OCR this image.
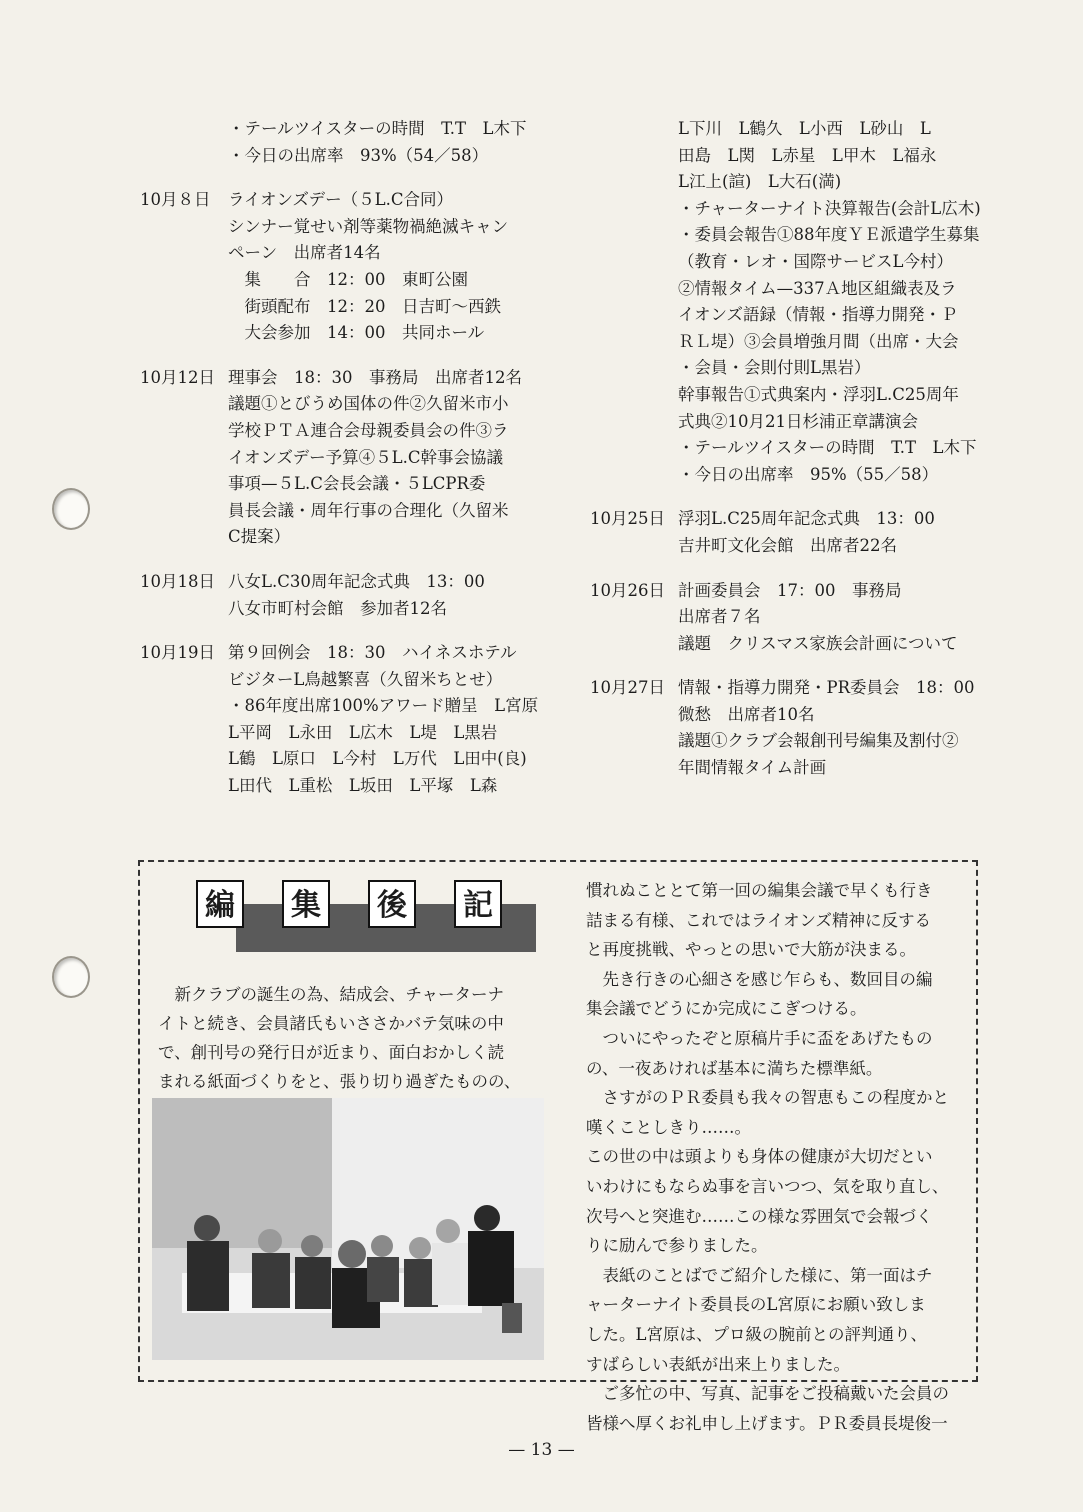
・テールツイスターの時間　T.T　L木下
・今日の出席率　93%（54／58）
10月８日	ライオンズデー（５L.C合同）
シンナー覚せい剤等薬物禍絶滅キャン
ペーン　出席者14名
　集　　合　12：00　東町公園
　街頭配布　12：20　日吉町〜西鉄
　大会参加　14：00　共同ホール
10月12日 理事会　18：30　事務局　出席者12名
議題①とびうめ国体の件②久留米市小
学校ＰＴＡ連合会母親委員会の件③ラ
イオンズデー予算④５L.C幹事会協議
事項—５L.C会長会議・５LCPR委
員長会議・周年行事の合理化（久留米
C提案）
10月18日 八女L.C30周年記念式典　13：00
八女市町村会館　参加者12名
10月19日 第９回例会　18：30　ハイネスホテル
ビジターL鳥越繁喜（久留米ちとせ）
・86年度出席100%アワード贈呈　L宮原
L平岡　L永田　L広木　L堤　L黒岩
L鶴　L原口　L今村　L万代　L田中(良)
L田代　L重松　L坂田　L平塚　L森
L下川　L鶴久　L小西　L砂山　L
田島　L関　L赤星　L甲木　L福永
L江上(諠)　L大石(満)
・チャーターナイト決算報告(会計L広木)
・委員会報告①88年度ＹＥ派遣学生募集
（教育・レオ・国際サービスL今村）
②情報タイム—337Ａ地区組織表及ラ
イオンズ語録（情報・指導力開発・Ｐ
ＲＬ堤）③会員増強月間（出席・大会
・会員・会則付則L黒岩）
幹事報告①式典案内・浮羽L.C25周年
式典②10月21日杉浦正章講演会
・テールツイスターの時間　T.T　L木下
・今日の出席率　95%（55／58）
10月25日 浮羽L.C25周年記念式典　13：00
吉井町文化会館　出席者22名
10月26日 計画委員会　17：00　事務局
出席者７名
議題　クリスマス家族会計画について
10月27日 情報・指導力開発・PR委員会　18：00
微愁　出席者10名
議題①クラブ会報創刊号編集及割付②
年間情報タイム計画
編	集	後	記

　新クラブの誕生の為、結成会、チャーターナ

イトと続き、会員諸氏もいささかバテ気味の中

で、創刊号の発行日が近まり、面白おかしく読

まれる紙面づくりをと、張り切り過ぎたものの、

慣れぬこととて第一回の編集会議で早くも行き

詰まる有様、これではライオンズ精神に反する

と再度挑戦、やっとの思いで大筋が決まる。

　先き行きの心細さを感じ乍らも、数回目の編

集会議でどうにか完成にこぎつける。

　ついにやったぞと原稿片手に盃をあげたもの

の、一夜あければ基本に満ちた標準紙。

　さすがのＰＲ委員も我々の智恵もこの程度かと

嘆くことしきり……。

この世の中は頭よりも身体の健康が大切だとい

いわけにもならぬ事を言いつつ、気を取り直し、

次号へと突進む……この様な雰囲気で会報づく

りに励んで参りました。

　表紙のことばでご紹介した様に、第一面はチ

ャーターナイト委員長のL宮原にお願い致しま

した。L宮原は、プロ級の腕前との評判通り、

すばらしい表紙が出来上りました。

　ご多忙の中、写真、記事をご投稿戴いた会員の

皆様へ厚くお礼申し上げます。ＰＲ委員長堤俊一

— 13 —
